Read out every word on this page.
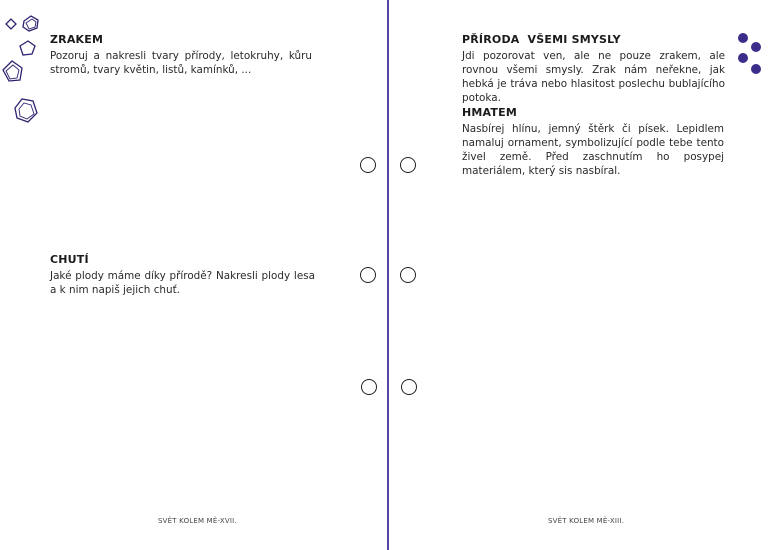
ZRAKEM

Pozoruj a nakresli tvary přírody, letokruhy, kůru stromů, tvary květin, listů, kamínků, ...

CHUTÍ

Jaké plody máme díky přírodě? Nakresli plody lesa a k nim napiš jejich chuť.

PŘÍRODA  VŠEMI SMYSLY

Jdi pozorovat ven, ale ne pouze zrakem, ale rovnou všemi smysly. Zrak nám neřekne, jak hebká je tráva nebo hlasitost poslechu bublajícího potoka.

HMATEM

Nasbírej hlínu, jemný štěrk či písek. Lepidlem namaluj ornament, symbolizující podle tebe tento živel země. Před zaschnutím ho posypej materiálem, který sis nasbíral.

SVĚT KOLEM MĚ-XVII.	SVĚT KOLEM MĚ-XIII.
